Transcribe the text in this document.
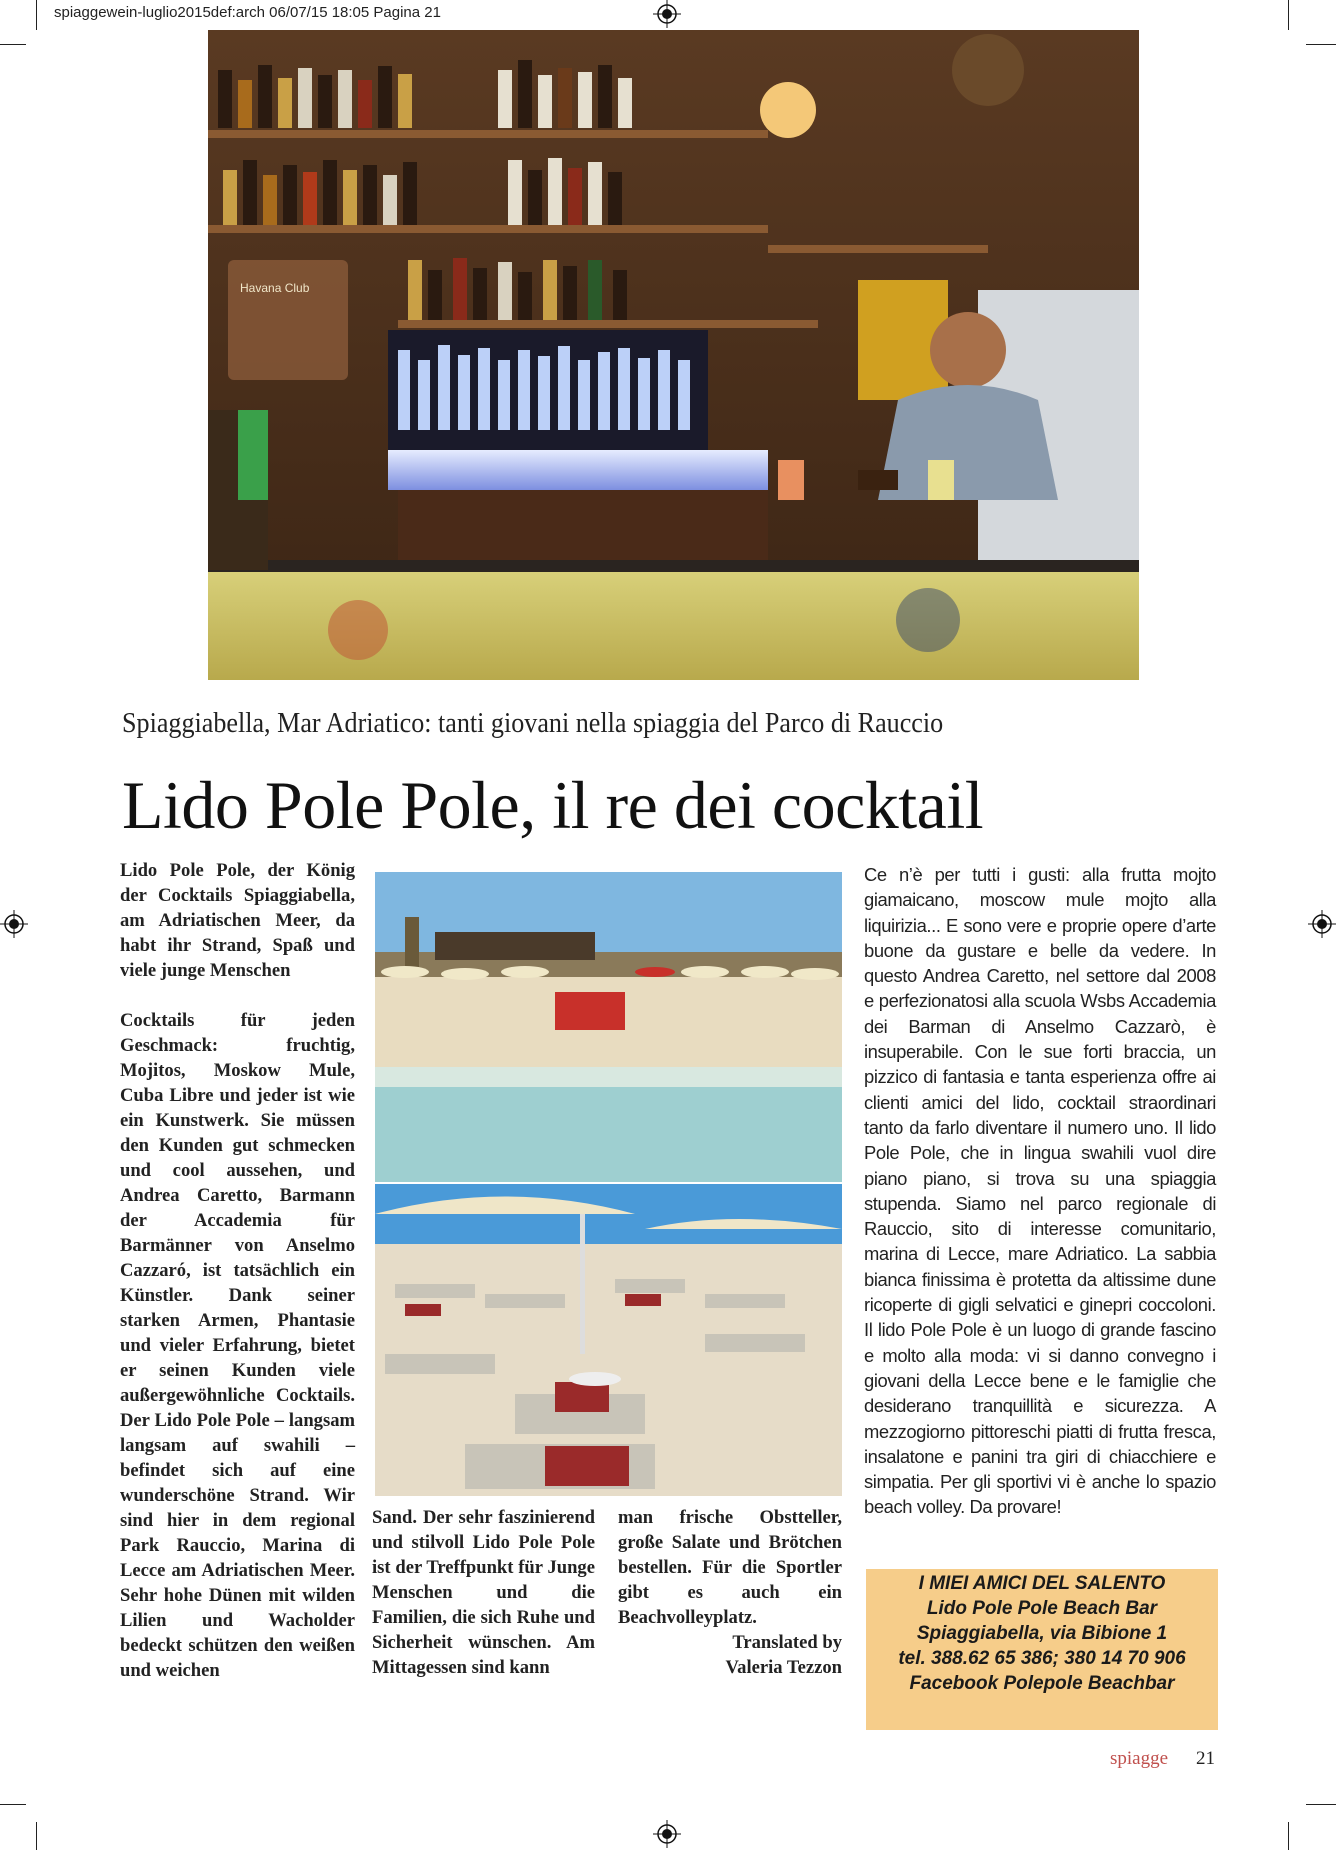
spiaggewein-luglio2015def:arch 06/07/15 18:05 Pagina 21
Havana Club
Spiaggiabella, Mar Adriatico: tanti giovani nella spiaggia del Parco di Rauccio
Lido Pole Pole, il re dei cocktail

Lido Pole Pole, der König der Cocktails Spiaggiabella, am Adriatischen Meer, da habt ihr Strand, Spaß und viele junge Menschen

Cocktails für jeden Geschmack: fruchtig, Mojitos, Moskow Mule, Cuba Libre und jeder ist wie ein Kunstwerk. Sie müssen den Kunden gut schmecken und cool aussehen, und Andrea Caretto, Barmann der Accademia für Barmänner von Anselmo Cazzaró, ist tatsächlich ein Künstler. Dank seiner starken Armen, Phantasie und vieler Erfahrung, bietet er seinen Kunden viele außergewöhnliche Cocktails. Der Lido Pole Pole – langsam langsam auf swahili – befindet sich auf eine wunderschöne Strand. Wir sind hier in dem regional Park Rauccio, Marina di Lecce am Adriatischen Meer. Sehr hohe Dünen mit wilden Lilien und Wacholder bedeckt schützen den weißen und weichen

Sand. Der sehr faszinierend und stilvoll Lido Pole Pole ist der Treffpunkt für Junge Menschen und die Familien, die sich Ruhe und Sicherheit wünschen. Am Mittagessen sind kann

man frische Obstteller, große Salate und Brötchen bestellen. Für die Sportler gibt es auch ein Beachvolleyplatz.

Translated by
Valeria Tezzon

Ce n’è per tutti i gusti: alla frutta mojto giamaicano, moscow mule mojto alla liquirizia... E sono vere e proprie opere d’arte buone da gustare e belle da vedere. In questo Andrea Caretto, nel settore dal 2008 e perfezionatosi alla scuola Wsbs Accademia dei Barman di Anselmo Cazzarò, è insuperabile. Con le sue forti braccia, un pizzico di fantasia e tanta esperienza offre ai clienti amici del lido, cocktail straordinari tanto da farlo diventare il numero uno. Il lido Pole Pole, che in lingua swahili vuol dire piano piano, si trova su una spiaggia stupenda. Siamo nel parco regionale di Rauccio, sito di interesse comunitario, marina di Lecce, mare Adriatico. La sabbia bianca finissima è protetta da altissime dune ricoperte di gigli selvatici e ginepri coccoloni. Il lido Pole Pole è un luogo di grande fascino e molto alla moda: vi si danno convegno i giovani della Lecce bene e le famiglie che desiderano tranquillità e sicurezza. A mezzogiorno pittoreschi piatti di frutta fresca, insalatone e panini tra giri di chiacchiere e simpatia. Per gli sportivi vi è anche lo spazio beach volley. Da provare!

I MIEI AMICI DEL SALENTO
Lido Pole Pole Beach Bar
Spiaggiabella, via Bibione 1
tel. 388.62 65 386; 380 14 70 906
Facebook Polepole Beachbar
spiagge 21
